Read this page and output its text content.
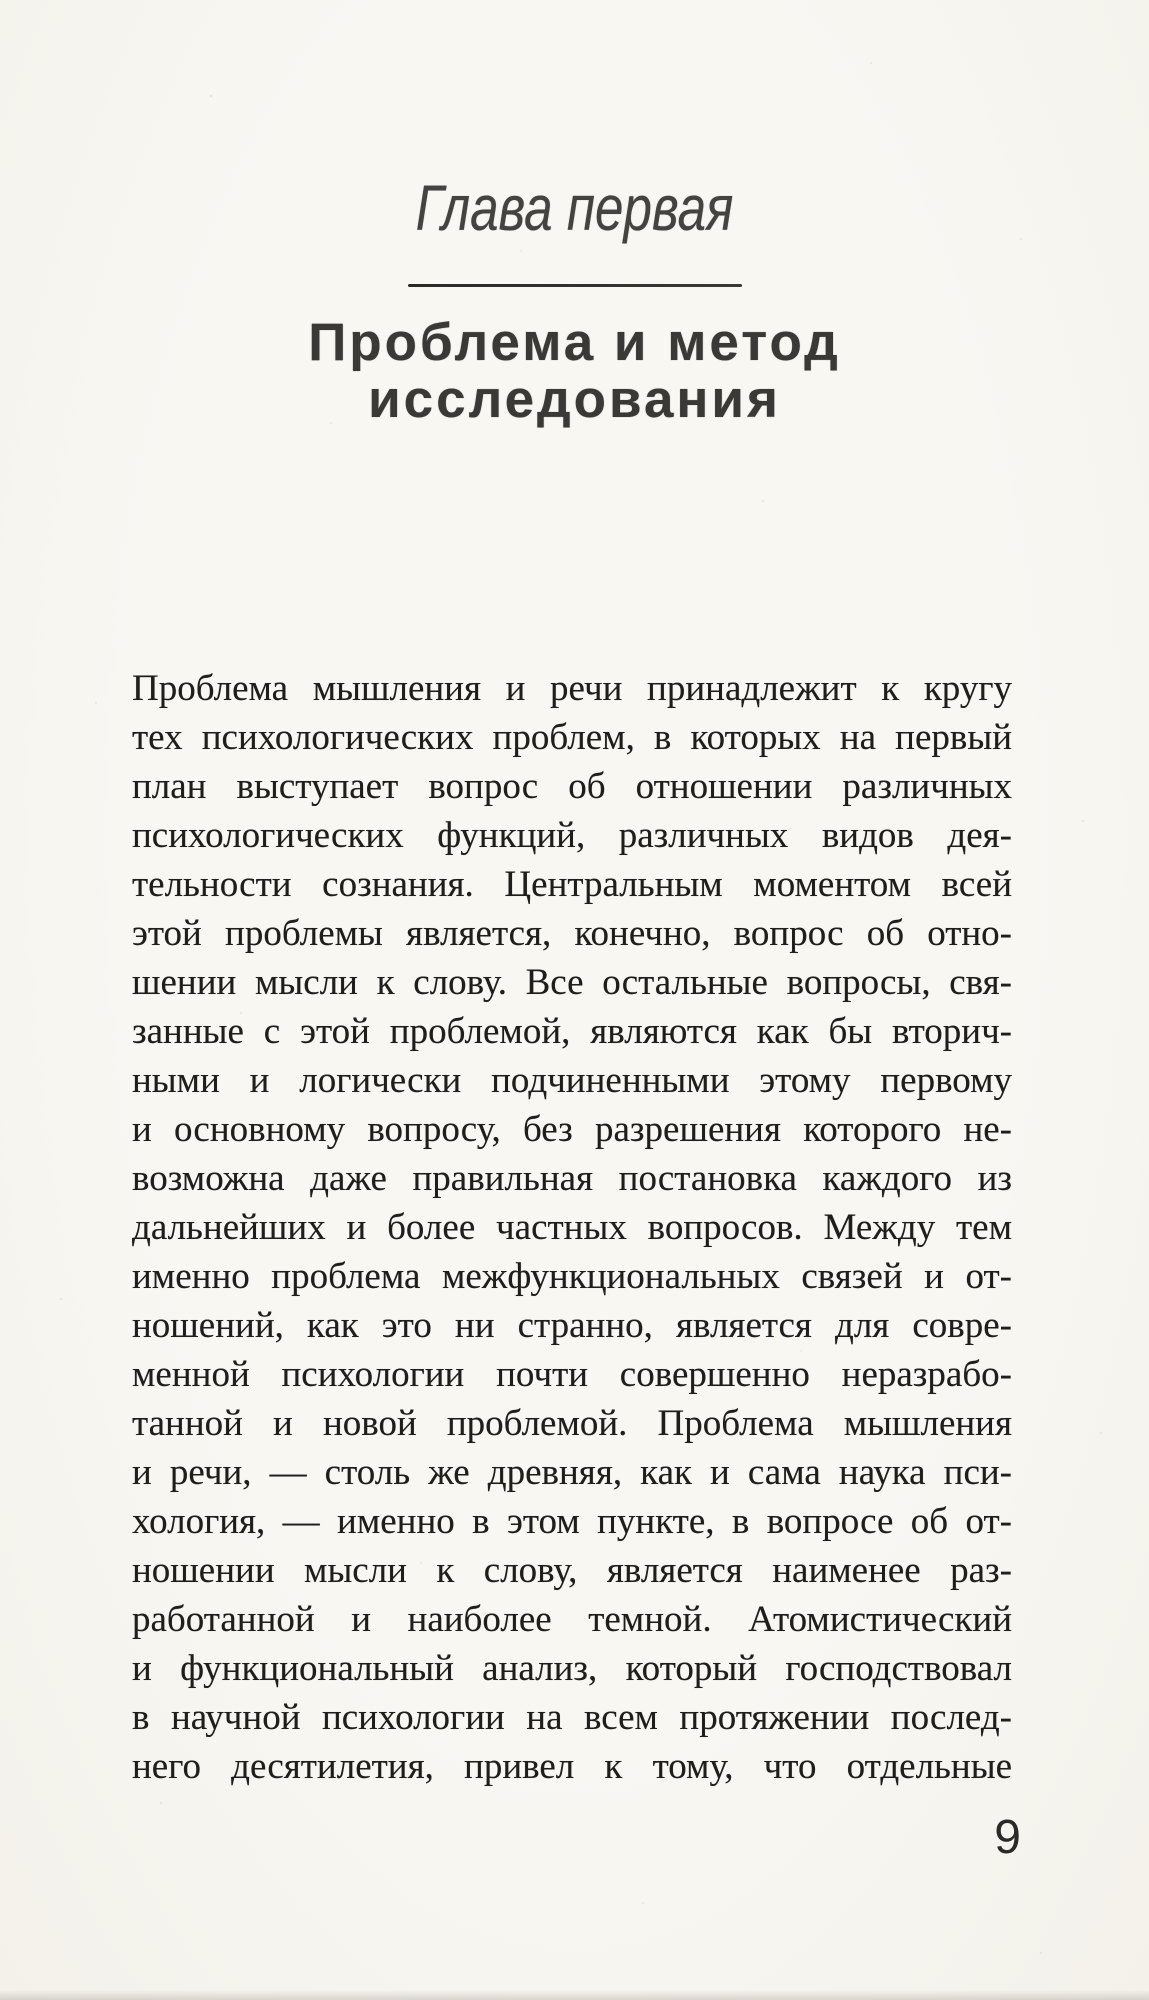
Глава первая
Проблема и метод
исследования
Проблема мышления и речи принадлежит к кругу
тех психологических проблем, в которых на первый
план выступает вопрос об отношении различных
психологических функций, различных видов дея-
тельности сознания. Центральным моментом всей
этой проблемы является, конечно, вопрос об отно-
шении мысли к слову. Все остальные вопросы, свя-
занные с этой проблемой, являются как бы вторич-
ными и логически подчиненными этому первому
и основному вопросу, без разрешения которого не-
возможна даже правильная постановка каждого из
дальнейших и более частных вопросов. Между тем
именно проблема межфункциональных связей и от-
ношений, как это ни странно, является для совре-
менной психологии почти совершенно неразрабо-
танной и новой проблемой. Проблема мышления
и речи, — столь же древняя, как и сама наука пси-
хология, — именно в этом пункте, в вопросе об от-
ношении мысли к слову, является наименее раз-
работанной и наиболее темной. Атомистический
и функциональный анализ, который господствовал
в научной психологии на всем протяжении послед-
него десятилетия, привел к тому, что отдельные
9
